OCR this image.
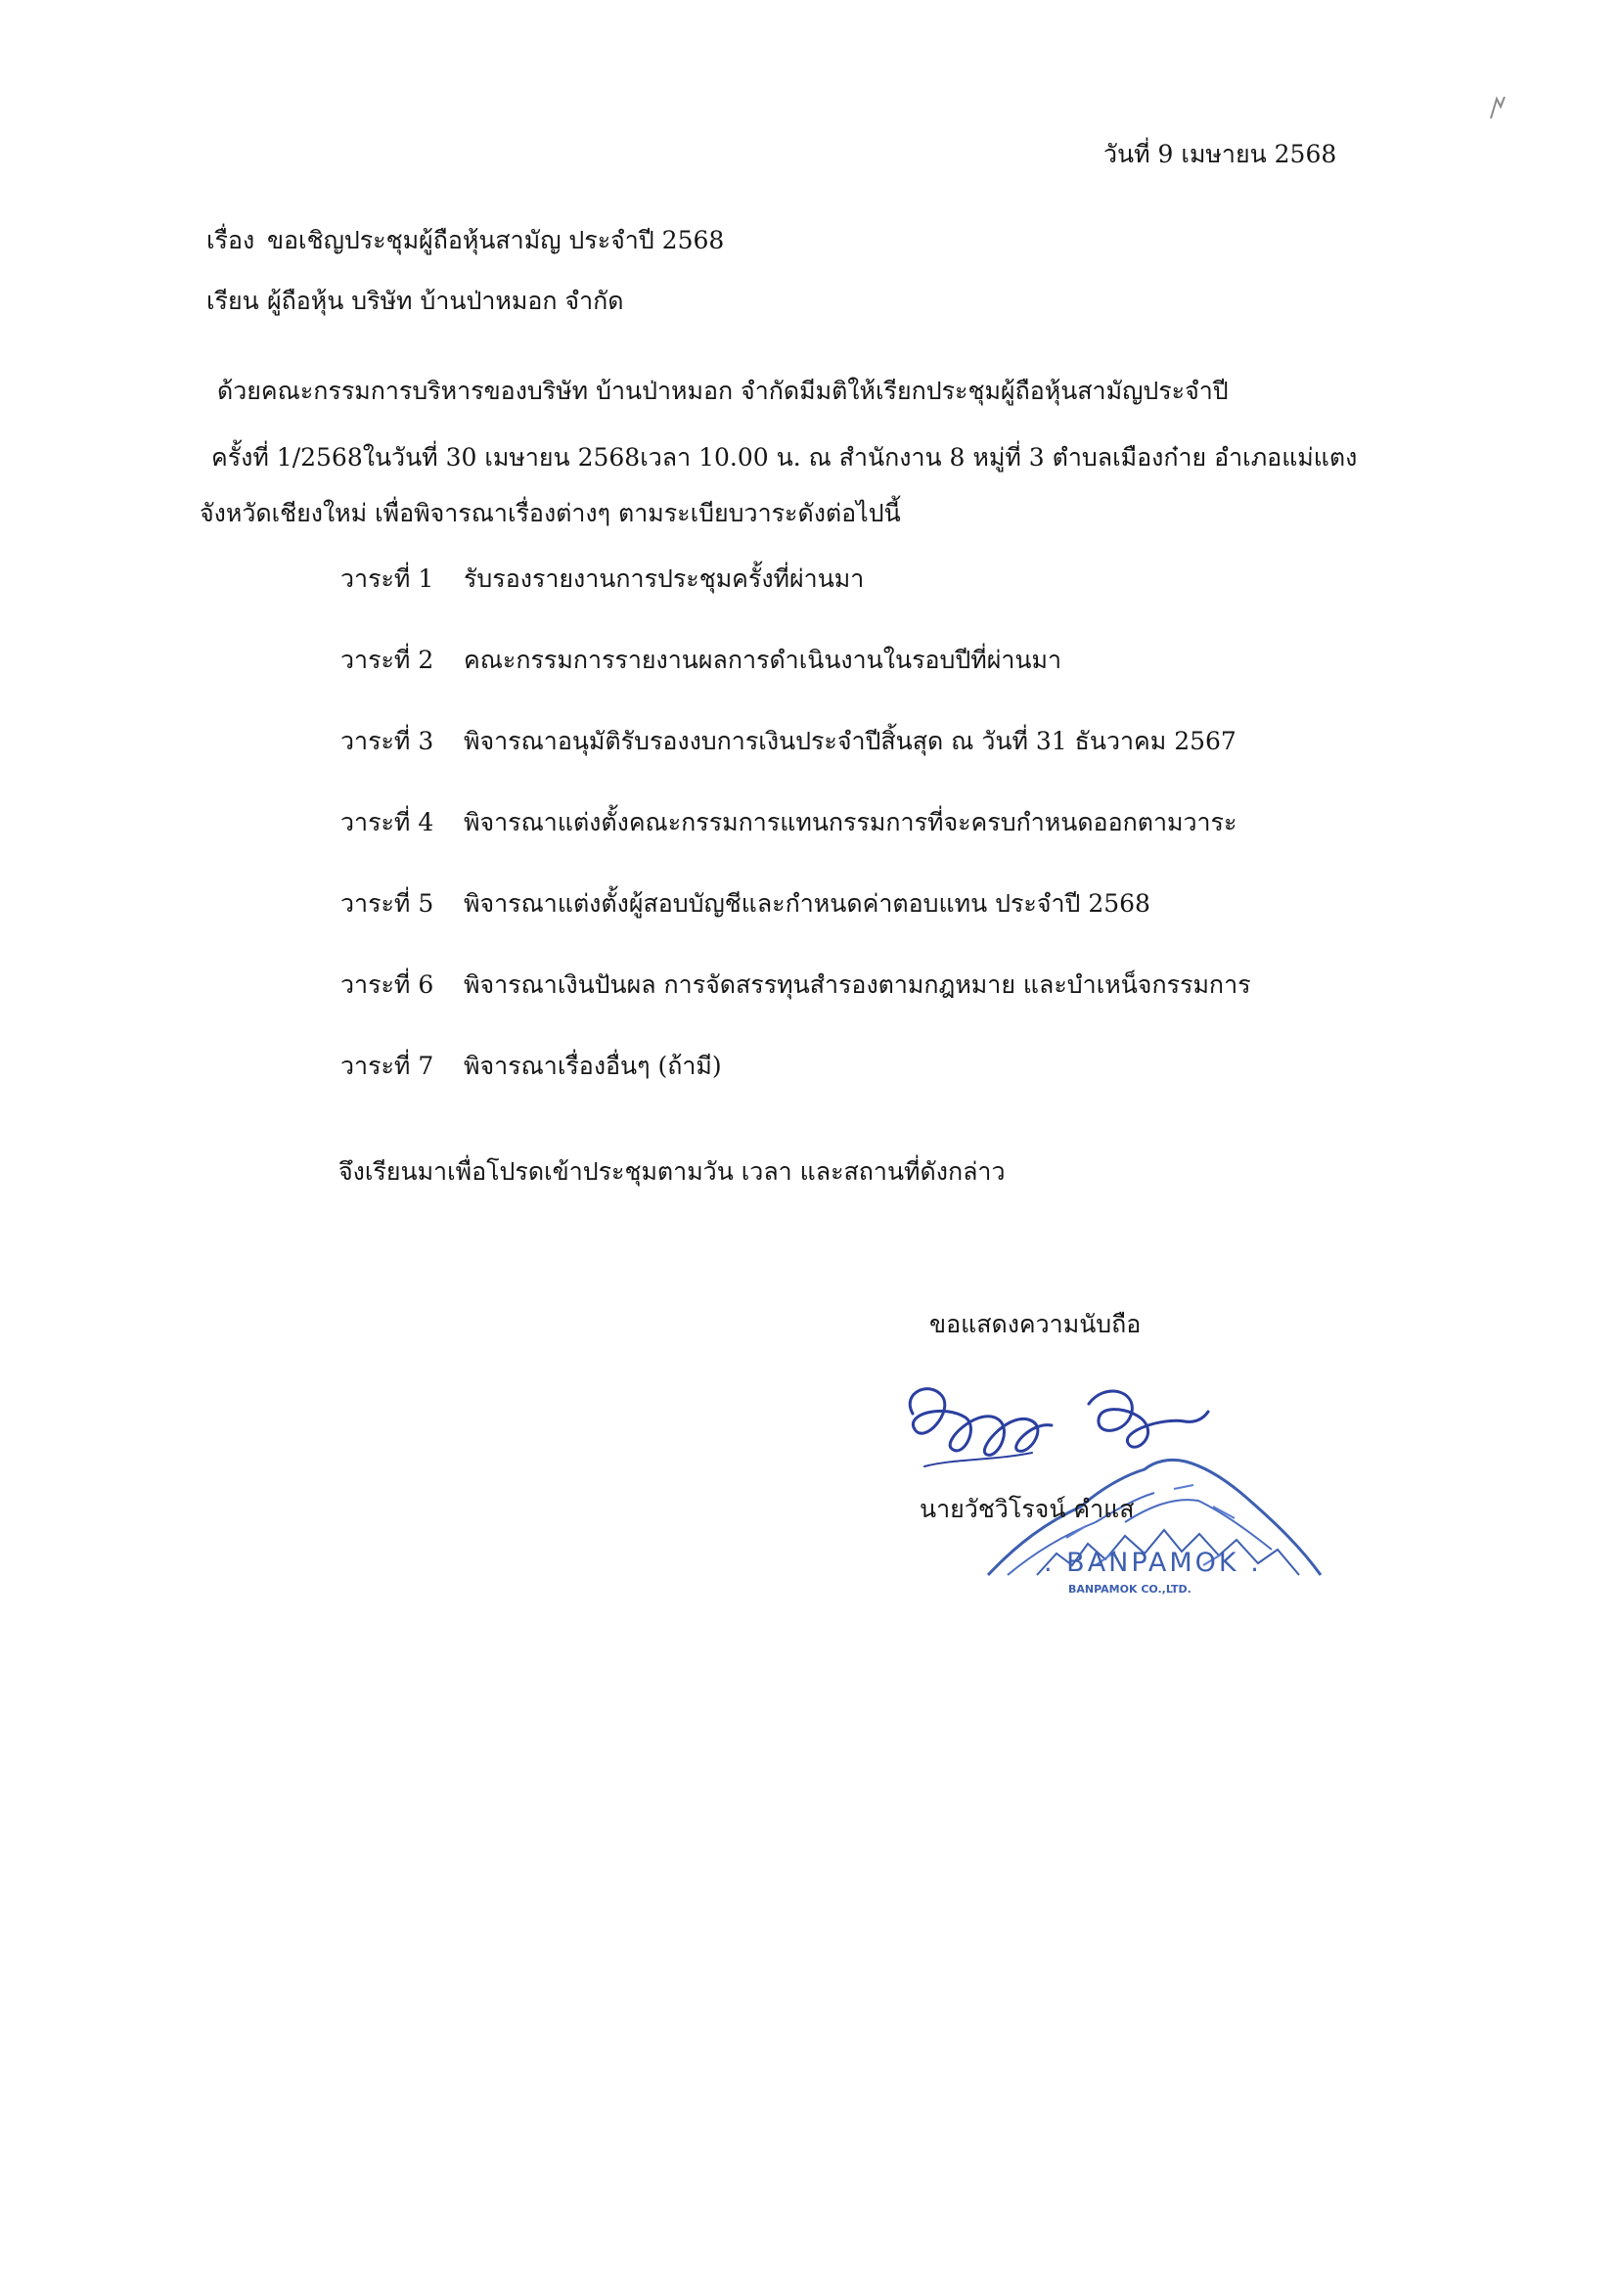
วันที่ 9 เมษายน 2568
เรื่อง ขอเชิญประชุมผู้ถือหุ้นสามัญ ประจำปี 2568
เรียน ผู้ถือหุ้น บริษัท บ้านป่าหมอก จำกัด
ด้วยคณะกรรมการบริหารของบริษัท บ้านป่าหมอก จำกัดมีมติให้เรียกประชุมผู้ถือหุ้นสามัญประจำปี
ครั้งที่ 1/2568ในวันที่ 30 เมษายน 2568เวลา 10.00 น. ณ สำนักงาน 8 หมู่ที่ 3 ตำบลเมืองก๋าย อำเภอแม่แตง
จังหวัดเชียงใหม่ เพื่อพิจารณาเรื่องต่างๆ ตามระเบียบวาระดังต่อไปนี้
วาระที่ 1 รับรองรายงานการประชุมครั้งที่ผ่านมา
วาระที่ 2 คณะกรรมการรายงานผลการดำเนินงานในรอบปีที่ผ่านมา
วาระที่ 3 พิจารณาอนุมัติรับรองงบการเงินประจำปีสิ้นสุด ณ วันที่ 31 ธันวาคม 2567
วาระที่ 4 พิจารณาแต่งตั้งคณะกรรมการแทนกรรมการที่จะครบกำหนดออกตามวาระ
วาระที่ 5 พิจารณาแต่งตั้งผู้สอบบัญชีและกำหนดค่าตอบแทน ประจำปี 2568
วาระที่ 6 พิจารณาเงินปันผล การจัดสรรทุนสำรองตามกฎหมาย และบำเหน็จกรรมการ
วาระที่ 7 พิจารณาเรื่องอื่นๆ (ถ้ามี)
จึงเรียนมาเพื่อโปรดเข้าประชุมตามวัน เวลา และสถานที่ดังกล่าว
ขอแสดงความนับถือ
. BANPAMOK .
BANPAMOK CO.,LTD.
นายวัชวิโรจน์ คำแส
